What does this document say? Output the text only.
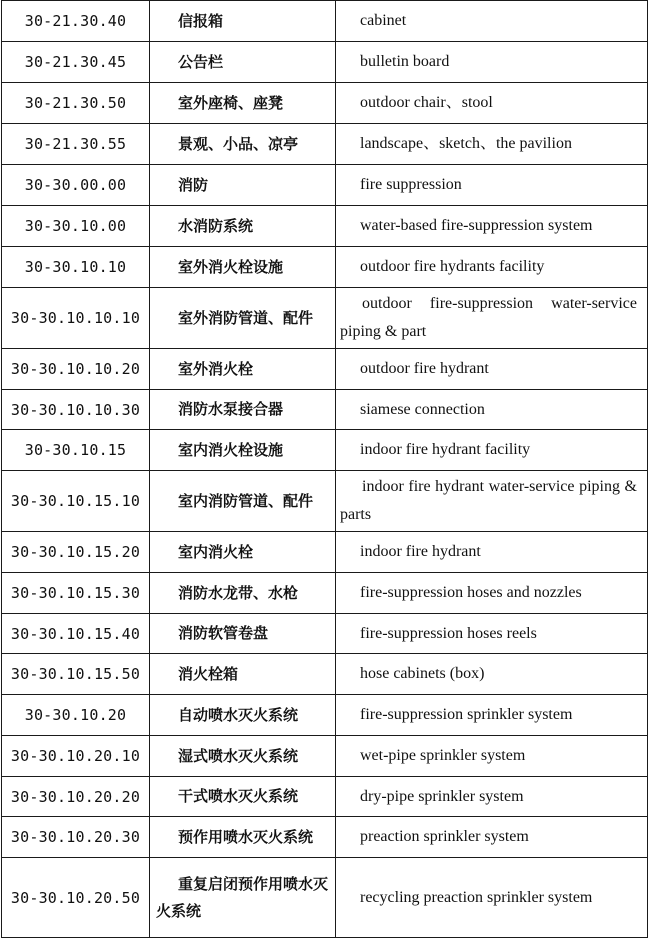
30-21.30.40	信报箱	cabinet
30-21.30.45	公告栏	bulletin board
30-21.30.50	室外座椅、座凳	outdoor chair、stool
30-21.30.55	景观、小品、凉亭	landscape、sketch、the pavilion
30-30.00.00	消防	fire suppression
30-30.10.00	水消防系统	water-based fire-suppression system
30-30.10.10	室外消火栓设施	outdoor fire hydrants facility
30-30.10.10.10	室外消防管道、配件	outdoor fire-suppression water-service piping & part
30-30.10.10.20	室外消火栓	outdoor fire hydrant
30-30.10.10.30	消防水泵接合器	siamese connection
30-30.10.15	室内消火栓设施	indoor fire hydrant facility
30-30.10.15.10	室内消防管道、配件	indoor fire hydrant water-service piping & parts
30-30.10.15.20	室内消火栓	indoor fire hydrant
30-30.10.15.30	消防水龙带、水枪	fire-suppression hoses and nozzles
30-30.10.15.40	消防软管卷盘	fire-suppression hoses reels
30-30.10.15.50	消火栓箱	hose cabinets (box)
30-30.10.20	自动喷水灭火系统	fire-suppression sprinkler system
30-30.10.20.10	湿式喷水灭火系统	wet-pipe sprinkler system
30-30.10.20.20	干式喷水灭火系统	dry-pipe sprinkler system
30-30.10.20.30	预作用喷水灭火系统	preaction sprinkler system
30-30.10.20.50	重复启闭预作用喷水灭火系统	recycling preaction sprinkler system
